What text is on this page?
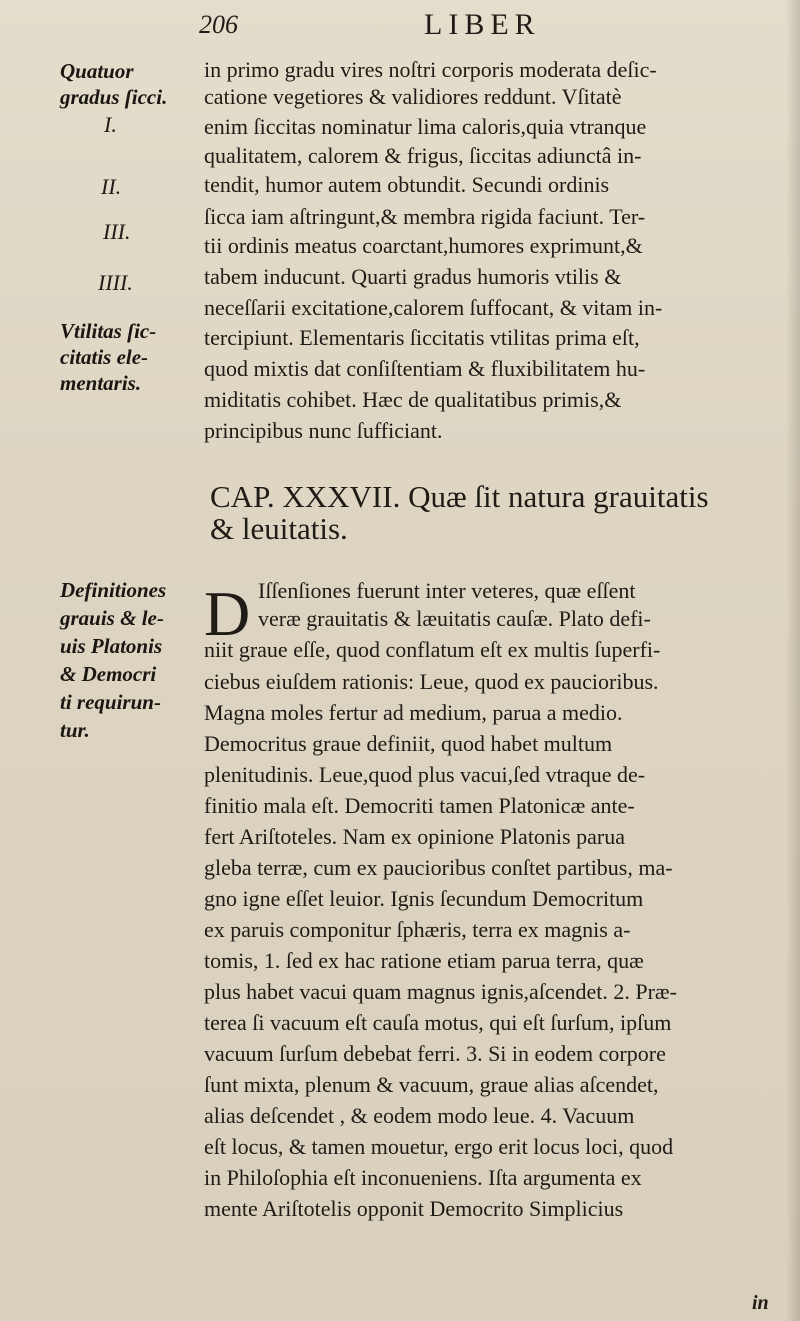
206	LIBER
Quatuor
gradus ſicci.
I.
II.
III.
IIII.
Vtilitas ſic-
citatis ele-
mentaris.
Definitiones
grauis & le-
uis Platonis
& Democri
ti requirun-
tur.
in primo gradu vires noſtri corporis moderata deſic-
catione vegetiores & validiores reddunt. Vſitatè
enim ſiccitas nominatur lima caloris,quia vtranque
qualitatem, calorem & frigus, ſiccitas adiunctâ in-
tendit, humor autem obtundit. Secundi ordinis
ſicca iam aſtringunt,& membra rigida faciunt. Ter-
tii ordinis meatus coarctant,humores exprimunt,&
tabem inducunt. Quarti gradus humoris vtilis &
neceſſarii excitatione,calorem ſuffocant, & vitam in-
tercipiunt. Elementaris ſiccitatis vtilitas prima eſt,
quod mixtis dat conſiſtentiam & fluxibilitatem hu-
miditatis cohibet. Hæc de qualitatibus primis,&
principibus nunc ſufficiant.
CAP. XXXVII. Quæ ſit natura grauitatis
& leuitatis.
D Iſſenſiones fuerunt inter veteres, quæ eſſent
veræ grauitatis & læuitatis cauſæ. Plato defi-
niit graue eſſe, quod conflatum eſt ex multis ſuperfi-
ciebus eiuſdem rationis: Leue, quod ex paucioribus.
Magna moles fertur ad medium, parua a medio.
Democritus graue definiit, quod habet multum
plenitudinis. Leue,quod plus vacui,ſed vtraque de-
finitio mala eſt. Democriti tamen Platonicæ ante-
fert Ariſtoteles. Nam ex opinione Platonis parua
gleba terræ, cum ex paucioribus conſtet partibus, ma-
gno igne eſſet leuior. Ignis ſecundum Democritum
ex paruis componitur ſphæris, terra ex magnis a-
tomis, 1. ſed ex hac ratione etiam parua terra, quæ
plus habet vacui quam magnus ignis,aſcendet. 2. Præ-
terea ſi vacuum eſt cauſa motus, qui eſt ſurſum, ipſum
vacuum ſurſum debebat ferri. 3. Si in eodem corpore
ſunt mixta, plenum & vacuum, graue alias aſcendet,
alias deſcendet , & eodem modo leue. 4. Vacuum
eſt locus, & tamen mouetur, ergo erit locus loci, quod
in Philoſophia eſt inconueniens. Iſta argumenta ex
mente Ariſtotelis opponit Democrito Simplicius
in
